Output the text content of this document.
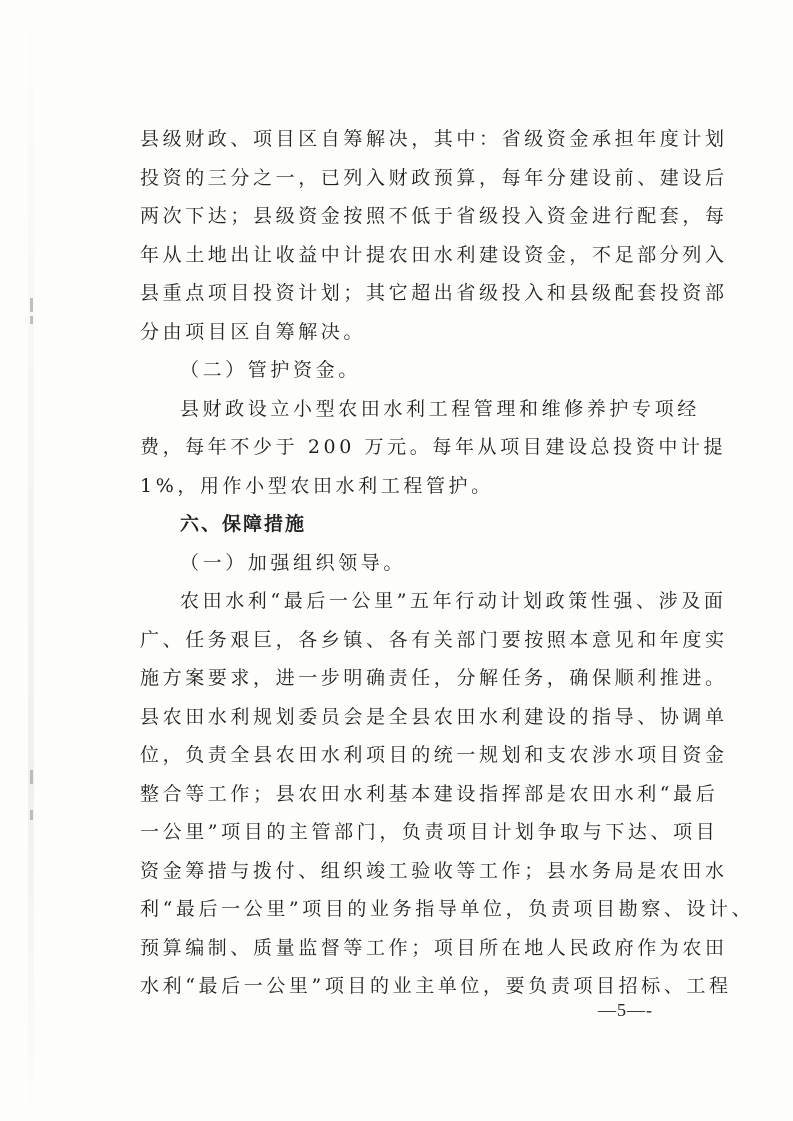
县级财政、项目区自筹解决，其中：省级资金承担年度计划
投资的三分之一，已列入财政预算，每年分建设前、建设后
两次下达；县级资金按照不低于省级投入资金进行配套，每
年从土地出让收益中计提农田水利建设资金，不足部分列入
县重点项目投资计划；其它超出省级投入和县级配套投资部
分由项目区自筹解决。
（二）管护资金。
县财政设立小型农田水利工程管理和维修养护专项经
费，每年不少于 200 万元。每年从项目建设总投资中计提
1%，用作小型农田水利工程管护。
六、保障措施
（一）加强组织领导。
农田水利“最后一公里”五年行动计划政策性强、涉及面
广、任务艰巨，各乡镇、各有关部门要按照本意见和年度实
施方案要求，进一步明确责任，分解任务，确保顺利推进。
县农田水利规划委员会是全县农田水利建设的指导、协调单
位，负责全县农田水利项目的统一规划和支农涉水项目资金
整合等工作；县农田水利基本建设指挥部是农田水利“最后
一公里”项目的主管部门，负责项目计划争取与下达、项目
资金筹措与拨付、组织竣工验收等工作；县水务局是农田水
利“最后一公里”项目的业务指导单位，负责项目勘察、设计、
预算编制、质量监督等工作；项目所在地人民政府作为农田
水利“最后一公里”项目的业主单位，要负责项目招标、工程
—5—-
